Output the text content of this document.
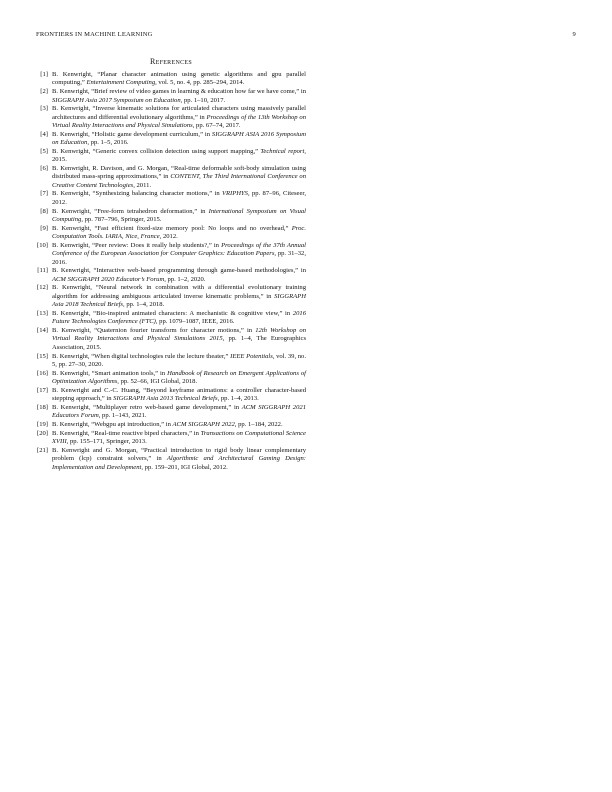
FRONTIERS IN MACHINE LEARNING	9
References
[1] B. Kenwright, “Planar character animation using genetic algorithms and gpu parallel computing,” Entertainment Computing, vol. 5, no. 4, pp. 285–294, 2014.
[2] B. Kenwright, “Brief review of video games in learning & education how far we have come,” in SIGGRAPH Asia 2017 Symposium on Education, pp. 1–10, 2017.
[3] B. Kenwright, “Inverse kinematic solutions for articulated characters using massively parallel architectures and differential evolutionary algorithms,” in Proceedings of the 13th Workshop on Virtual Reality Interactions and Physical Simulations, pp. 67–74, 2017.
[4] B. Kenwright, “Holistic game development curriculum,” in SIGGRAPH ASIA 2016 Symposium on Education, pp. 1–5, 2016.
[5] B. Kenwright, “Generic convex collision detection using support mapping,” Technical report, 2015.
[6] B. Kenwright, R. Davison, and G. Morgan, “Real-time deformable soft-body simulation using distributed mass-spring approximations,” in CONTENT, The Third International Conference on Creative Content Technologies, 2011.
[7] B. Kenwright, “Synthesizing balancing character motions,” in VRIPHYS, pp. 87–96, Citeseer, 2012.
[8] B. Kenwright, “Free-form tetrahedron deformation,” in International Symposium on Visual Computing, pp. 787–796, Springer, 2015.
[9] B. Kenwright, “Fast efficient fixed-size memory pool: No loops and no overhead,” Proc. Computation Tools. IARIA, Nice, France, 2012.
[10] B. Kenwright, “Peer review: Does it really help students?,” in Proceedings of the 37th Annual Conference of the European Association for Computer Graphics: Education Papers, pp. 31–32, 2016.
[11] B. Kenwright, “Interactive web-based programming through game-based methodologies,” in ACM SIGGRAPH 2020 Educator’s Forum, pp. 1–2, 2020.
[12] B. Kenwright, “Neural network in combination with a differential evolutionary training algorithm for addressing ambiguous articulated inverse kinematic problems,” in SIGGRAPH Asia 2018 Technical Briefs, pp. 1–4, 2018.
[13] B. Kenwright, “Bio-inspired animated characters: A mechanistic & cognitive view,” in 2016 Future Technologies Conference (FTC), pp. 1079–1087, IEEE, 2016.
[14] B. Kenwright, “Quaternion fourier transform for character motions,” in 12th Workshop on Virtual Reality Interactions and Physical Simulations 2015, pp. 1–4, The Eurographics Association, 2015.
[15] B. Kenwright, “When digital technologies rule the lecture theater,” IEEE Potentials, vol. 39, no. 5, pp. 27–30, 2020.
[16] B. Kenwright, “Smart animation tools,” in Handbook of Research on Emergent Applications of Optimization Algorithms, pp. 52–66, IGI Global, 2018.
[17] B. Kenwright and C.-C. Huang, “Beyond keyframe animations: a controller character-based stepping approach,” in SIGGRAPH Asia 2013 Technical Briefs, pp. 1–4, 2013.
[18] B. Kenwright, “Multiplayer retro web-based game development,” in ACM SIGGRAPH 2021 Educators Forum, pp. 1–143, 2021.
[19] B. Kenwright, “Webgpu api introduction,” in ACM SIGGRAPH 2022, pp. 1–184, 2022.
[20] B. Kenwright, “Real-time reactive biped characters,” in Transactions on Computational Science XVIII, pp. 155–171, Springer, 2013.
[21] B. Kenwright and G. Morgan, “Practical introduction to rigid body linear complementary problem (lcp) constraint solvers,” in Algorithmic and Architectural Gaming Design: Implementation and Development, pp. 159–201, IGI Global, 2012.
